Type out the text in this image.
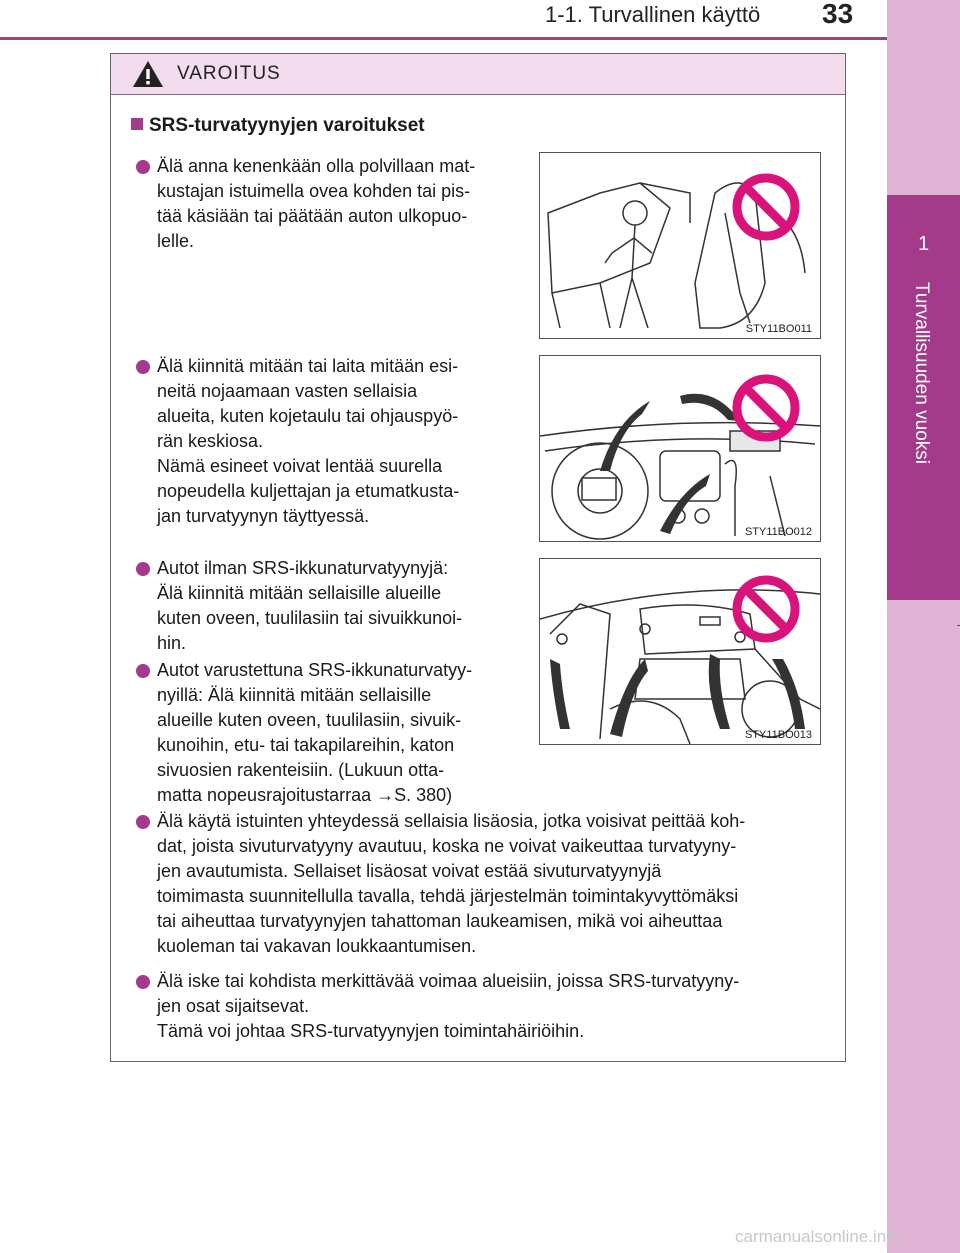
1-1. Turvallinen käyttö 33
1
Turvallisuuden vuoksi
VAROITUS
SRS-turvatyynyjen varoitukset
Älä anna kenenkään olla polvillaan mat-
kustajan istuimella ovea kohden tai pis-
tää käsiään tai päätään auton ulkopuo-
lelle.
Älä kiinnitä mitään tai laita mitään esi-
neitä nojaamaan vasten sellaisia
alueita, kuten kojetaulu tai ohjauspyö-
rän keskiosa.
Nämä esineet voivat lentää suurella
nopeudella kuljettajan ja etumatkusta-
jan turvatyynyn täyttyessä.
Autot ilman SRS-ikkunaturvatyynyjä:
Älä kiinnitä mitään sellaisille alueille
kuten oveen, tuulilasiin tai sivuikkunoi-
hin.
Autot varustettuna SRS-ikkunaturvatyy-
nyillä: Älä kiinnitä mitään sellaisille
alueille kuten oveen, tuulilasiin, sivuik-
kunoihin, etu- tai takapilareihin, katon
sivuosien rakenteisiin. (Lukuun otta-
matta nopeusrajoitustarraa →S. 380)
Älä käytä istuinten yhteydessä sellaisia lisäosia, jotka voisivat peittää koh-
dat, joista sivuturvatyyny avautuu, koska ne voivat vaikeuttaa turvatyyny-
jen avautumista. Sellaiset lisäosat voivat estää sivuturvatyynyjä
toimimasta suunnitellulla tavalla, tehdä järjestelmän toimintakyvyttömäksi
tai aiheuttaa turvatyynyjen tahattoman laukeamisen, mikä voi aiheuttaa
kuoleman tai vakavan loukkaantumisen.
Älä iske tai kohdista merkittävää voimaa alueisiin, joissa SRS-turvatyyny-
jen osat sijaitsevat.
Tämä voi johtaa SRS-turvatyynyjen toimintahäiriöihin.
STY11BO011
STY11BO012
STY11BO013
carmanualsonline.info
